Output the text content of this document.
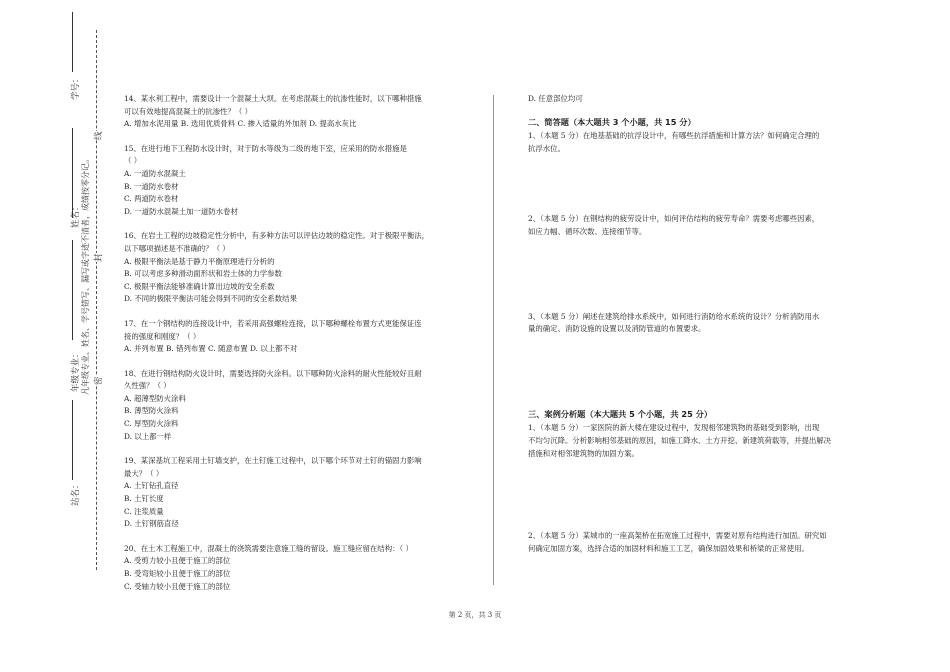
学号：
姓名：
年级专业：
站名：
凡年级专业、姓名、学号错写、漏写或字迹不清者，成绩按零分记。 密
封
线

14、某水利工程中，需要设计一个混凝土大坝。在考虑混凝土的抗渗性能时，以下哪种措施

可以有效地提高混凝土的抗渗性？（ ）

A. 增加水泥用量 B. 选用优质骨料 C. 掺入适量的外加剂 D. 提高水灰比

15、在进行地下工程防水设计时，对于防水等级为二级的地下室，应采用的防水措施是

（ ）

A. 一道防水混凝土

B. 一道防水卷材

C. 两道防水卷材

D. 一道防水混凝土加一道防水卷材

16、在岩土工程的边坡稳定性分析中，有多种方法可以评估边坡的稳定性。对于极限平衡法，

以下哪项描述是不准确的？（ ）

A. 极限平衡法是基于静力平衡原理进行分析的

B. 可以考虑多种滑动面形状和岩土体的力学参数

C. 极限平衡法能够准确计算出边坡的安全系数

D. 不同的极限平衡法可能会得到不同的安全系数结果

17、在一个钢结构的连接设计中，若采用高强螺栓连接，以下哪种螺栓布置方式更能保证连

接的强度和刚度？（ ）

A. 并列布置 B. 错列布置 C. 随意布置 D. 以上都不对

18、在进行钢结构防火设计时，需要选择防火涂料。以下哪种防火涂料的耐火性能较好且耐

久性强？（ ）

A. 超薄型防火涂料

B. 薄型防火涂料

C. 厚型防火涂料

D. 以上都一样

19、某深基坑工程采用土钉墙支护，在土钉施工过程中，以下哪个环节对土钉的锚固力影响

最大？（ ）

A. 土钉钻孔直径

B. 土钉长度

C. 注浆质量

D. 土钉钢筋直径

20、在土木工程施工中，混凝土的浇筑需要注意施工缝的留设。施工缝应留在结构：（ ）

A. 受剪力较小且便于施工的部位

B. 受弯矩较小且便于施工的部位

C. 受轴力较小且便于施工的部位

D. 任意部位均可

二、简答题（本大题共 3 个小题，共 15 分）

1、（本题 5 分）在地基基础的抗浮设计中，有哪些抗浮措施和计算方法？如何确定合理的

抗浮水位。

2、（本题 5 分）在钢结构的疲劳设计中，如何评估结构的疲劳寿命？需要考虑哪些因素，

如应力幅、循环次数、连接细节等。

3、（本题 5 分）阐述在建筑给排水系统中，如何进行消防给水系统的设计？分析消防用水

量的确定、消防设施的设置以及消防管道的布置要求。

三、案例分析题（本大题共 5 个小题，共 25 分）

1、（本题 5 分）一家医院的新大楼在建设过程中，发现相邻建筑物的基础受到影响，出现

不均匀沉降。分析影响相邻基础的原因，如施工降水、土方开挖、新建筑荷载等，并提出解决

措施和对相邻建筑物的加固方案。

2、（本题 5 分）某城市的一座高架桥在拓宽施工过程中，需要对原有结构进行加固。研究如

何确定加固方案，选择合适的加固材料和施工工艺，确保加固效果和桥梁的正常使用。

第 2 页，共 3 页
